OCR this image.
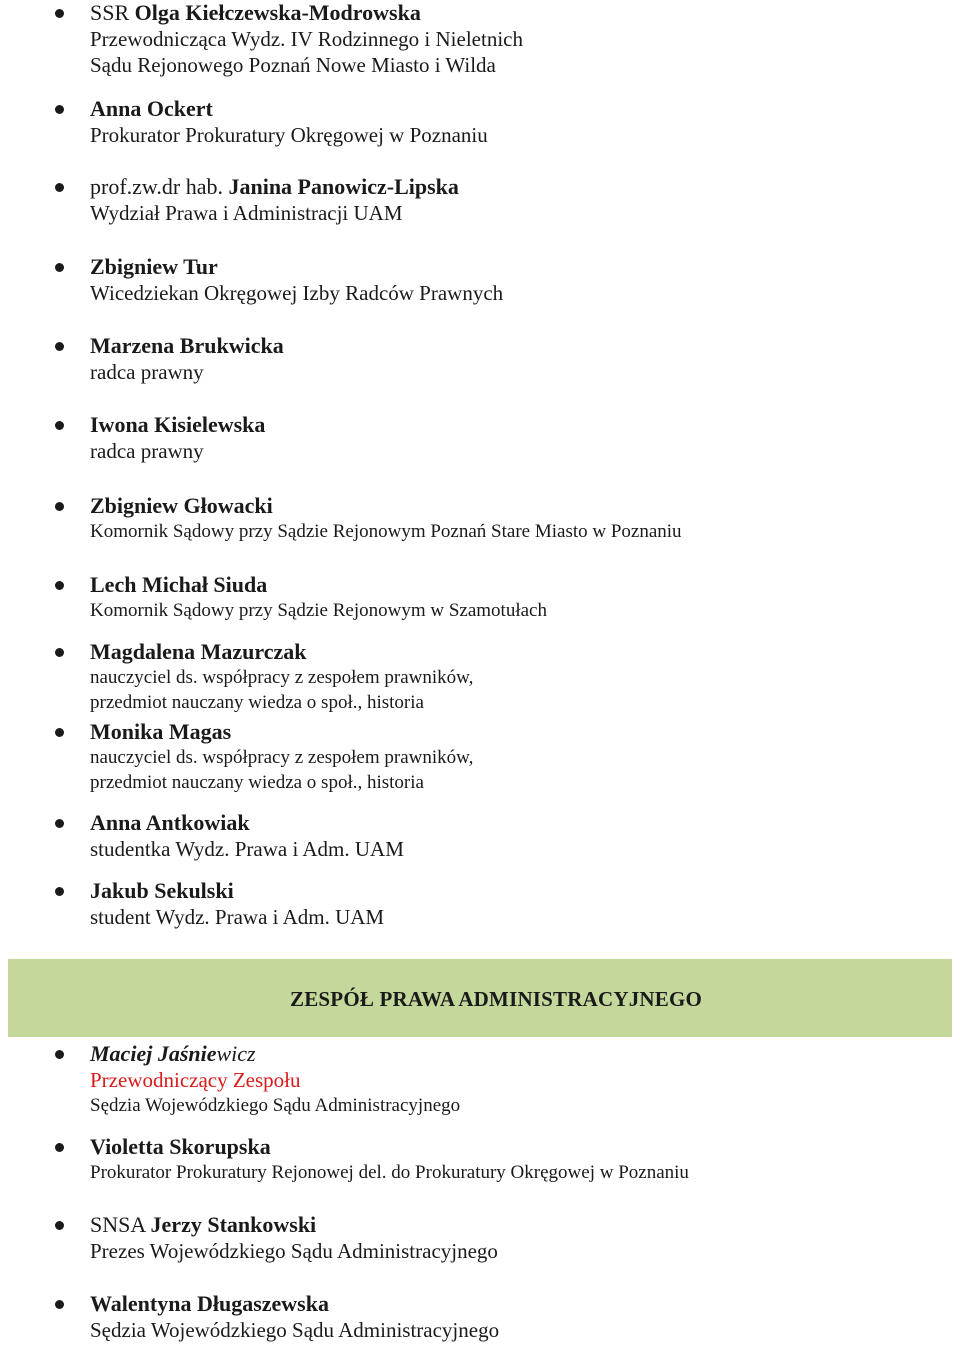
SSR Olga Kiełczewska-Modrowska
Przewodnicząca Wydz. IV Rodzinnego i Nieletnich
Sądu Rejonowego Poznań Nowe Miasto i Wilda
Anna Ockert
Prokurator Prokuratury Okręgowej w Poznaniu
prof.zw.dr hab. Janina Panowicz-Lipska
Wydział Prawa i Administracji UAM
Zbigniew Tur
Wicedziekan Okręgowej Izby Radców Prawnych
Marzena Brukwicka
radca prawny
Iwona Kisielewska
radca prawny
Zbigniew Głowacki
Komornik Sądowy przy Sądzie Rejonowym Poznań Stare Miasto w Poznaniu
Lech Michał Siuda
Komornik Sądowy przy Sądzie Rejonowym w Szamotułach
Magdalena Mazurczak
nauczyciel ds. współpracy z zespołem prawników,
przedmiot nauczany wiedza o społ., historia
Monika Magas
nauczyciel ds. współpracy z zespołem prawników,
przedmiot nauczany wiedza o społ., historia
Anna Antkowiak
studentka Wydz. Prawa i Adm. UAM
Jakub Sekulski
student Wydz. Prawa i Adm. UAM
ZESPÓŁ PRAWA ADMINISTRACYJNEGO
Maciej Jaśniewicz
Przewodniczący Zespołu
Sędzia Wojewódzkiego Sądu Administracyjnego
Violetta Skorupska
Prokurator Prokuratury Rejonowej del. do Prokuratury Okręgowej w Poznaniu
SNSA Jerzy Stankowski
Prezes Wojewódzkiego Sądu Administracyjnego
Walentyna Długaszewska
Sędzia Wojewódzkiego Sądu Administracyjnego
